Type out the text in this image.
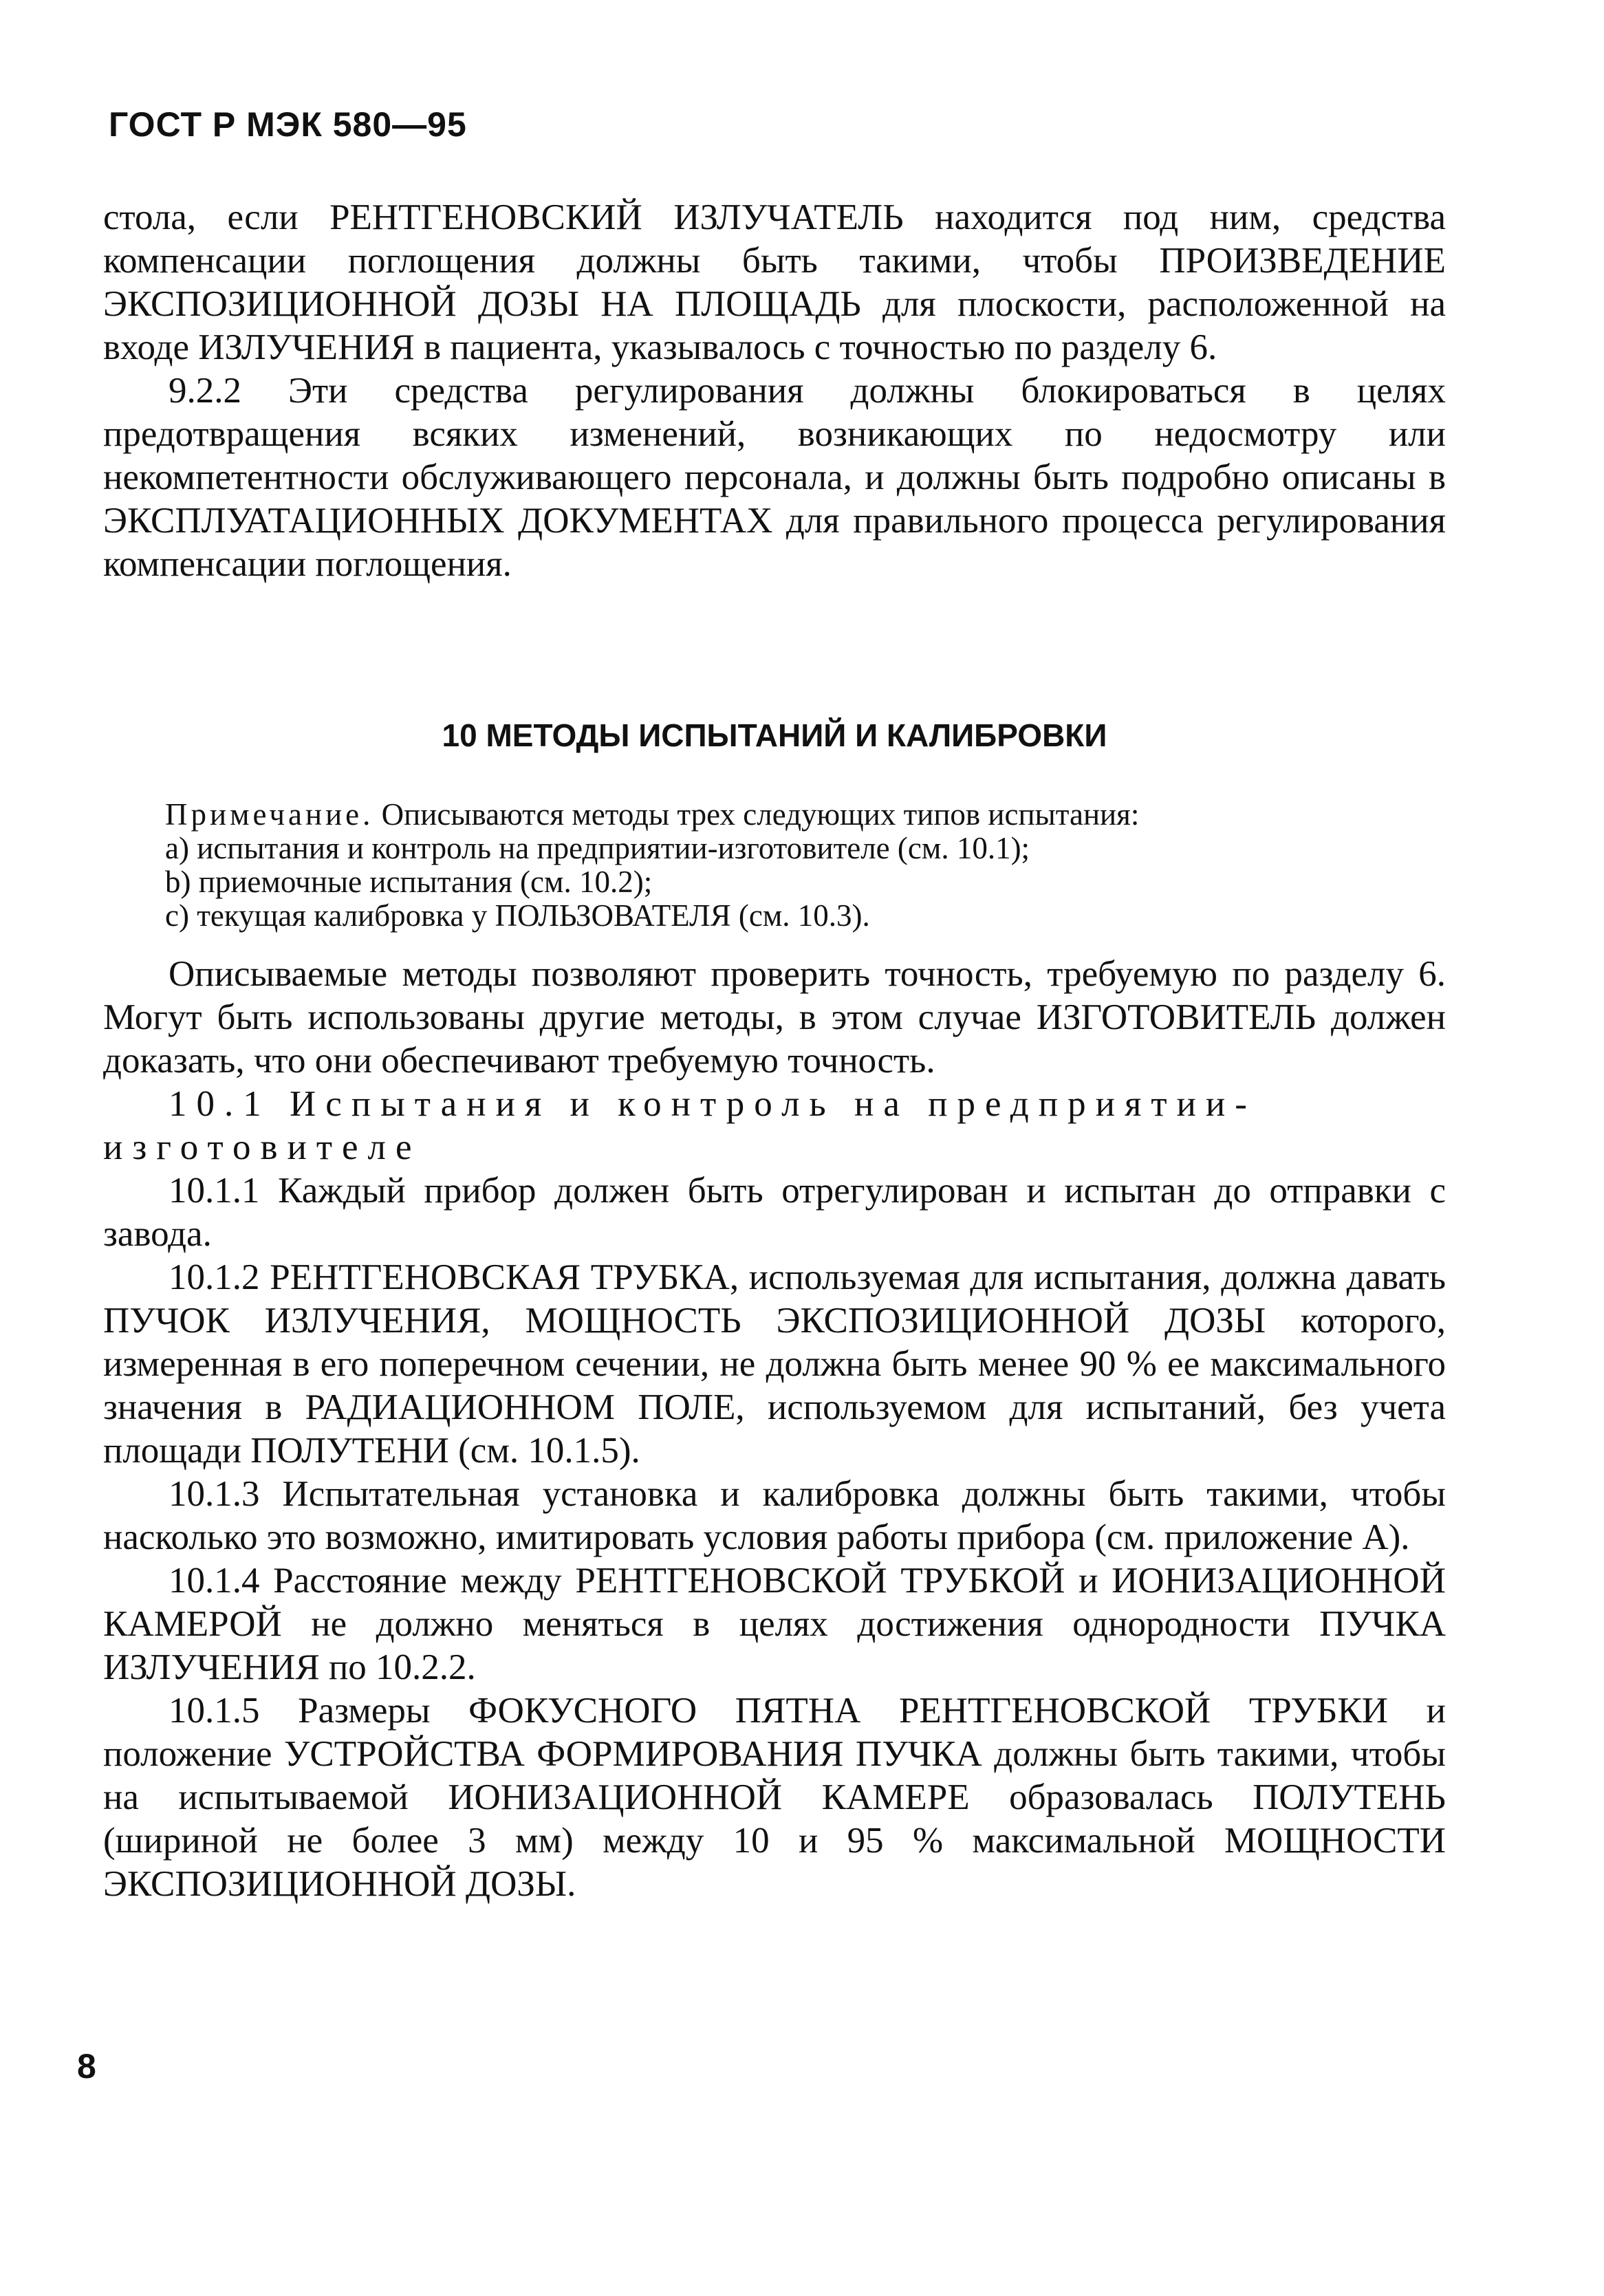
ГОСТ Р МЭК 580—95

стола, если РЕНТГЕНОВСКИЙ ИЗЛУЧАТЕЛЬ находится под ним, средства компенсации поглощения должны быть такими, чтобы ПРОИЗВЕДЕНИЕ ЭКСПОЗИЦИОННОЙ ДОЗЫ НА ПЛОЩАДЬ для плоскости, расположенной на входе ИЗЛУЧЕНИЯ в пациента, указывалось с точностью по разделу 6.

9.2.2 Эти средства регулирования должны блокироваться в целях предотвращения всяких изменений, возникающих по недосмотру или некомпетентности обслуживающего персонала, и должны быть подробно описаны в ЭКСПЛУАТАЦИОННЫХ ДОКУМЕНТАХ для правильного процесса регулирования компенсации поглощения.

10 МЕТОДЫ ИСПЫТАНИЙ И КАЛИБРОВКИ

Примечание. Описываются методы трех следующих типов испытания:

a) испытания и контроль на предприятии-изготовителе (см. 10.1);

b) приемочные испытания (см. 10.2);

c) текущая калибровка у ПОЛЬЗОВАТЕЛЯ (см. 10.3).

Описываемые методы позволяют проверить точность, требуемую по разделу 6. Могут быть использованы другие методы, в этом случае ИЗГОТОВИТЕЛЬ должен доказать, что они обеспечивают требуемую точность.

10.1 Испытания и контроль на предприятии-изготовителе

10.1.1 Каждый прибор должен быть отрегулирован и испытан до отправки с завода.

10.1.2 РЕНТГЕНОВСКАЯ ТРУБКА, используемая для испытания, должна давать ПУЧОК ИЗЛУЧЕНИЯ, МОЩНОСТЬ ЭКСПОЗИЦИОННОЙ ДОЗЫ которого, измеренная в его поперечном сечении, не должна быть менее 90 % ее максимального значения в РАДИАЦИОННОМ ПОЛЕ, используемом для испытаний, без учета площади ПОЛУТЕНИ (см. 10.1.5).

10.1.3 Испытательная установка и калибровка должны быть такими, чтобы насколько это возможно, имитировать условия работы прибора (см. приложение А).

10.1.4 Расстояние между РЕНТГЕНОВСКОЙ ТРУБКОЙ и ИОНИЗАЦИОННОЙ КАМЕРОЙ не должно меняться в целях достижения однородности ПУЧКА ИЗЛУЧЕНИЯ по 10.2.2.

10.1.5 Размеры ФОКУСНОГО ПЯТНА РЕНТГЕНОВСКОЙ ТРУБКИ и положение УСТРОЙСТВА ФОРМИРОВАНИЯ ПУЧКА должны быть такими, чтобы на испытываемой ИОНИЗАЦИОННОЙ КАМЕРЕ образовалась ПОЛУТЕНЬ (шириной не более 3 мм) между 10 и 95 % максимальной МОЩНОСТИ ЭКСПОЗИЦИОННОЙ ДОЗЫ.

8
